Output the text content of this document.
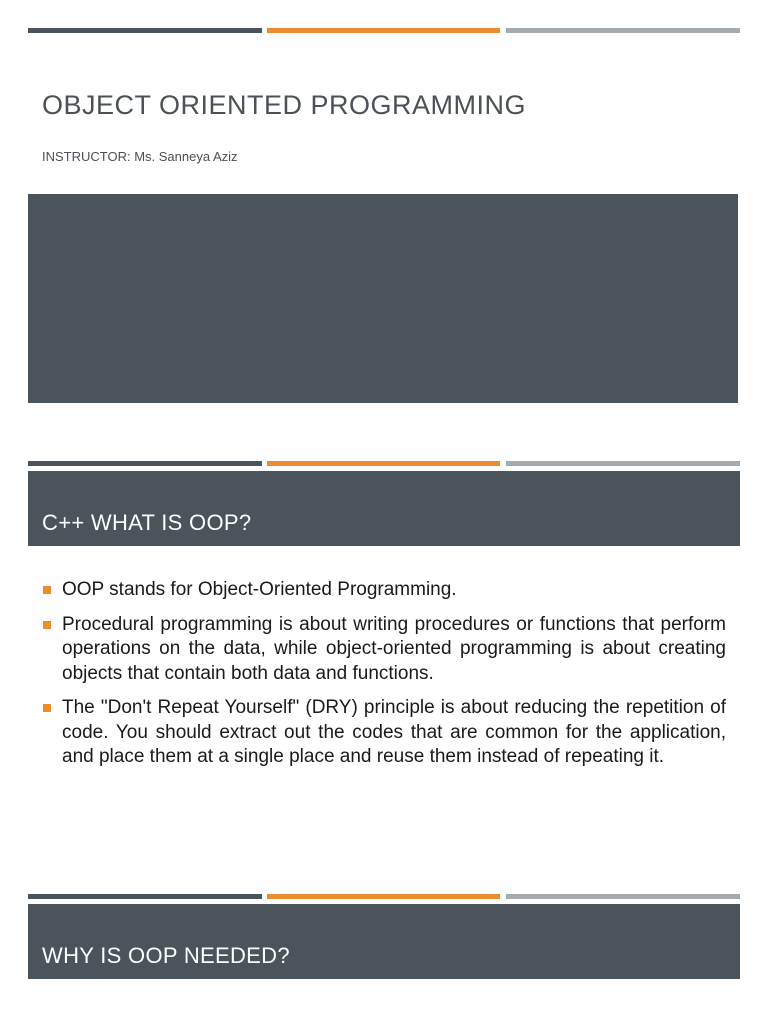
OBJECT ORIENTED PROGRAMMING
INSTRUCTOR: Ms. Sanneya Aziz
C++ WHAT IS OOP?
OOP stands for Object-Oriented Programming.
Procedural programming is about writing procedures or functions that perform operations on the data, while object-oriented programming is about creating objects that contain both data and functions.
The "Don't Repeat Yourself" (DRY) principle is about reducing the repetition of code. You should extract out the codes that are common for the application, and place them at a single place and reuse them instead of repeating it.
WHY IS OOP NEEDED?
